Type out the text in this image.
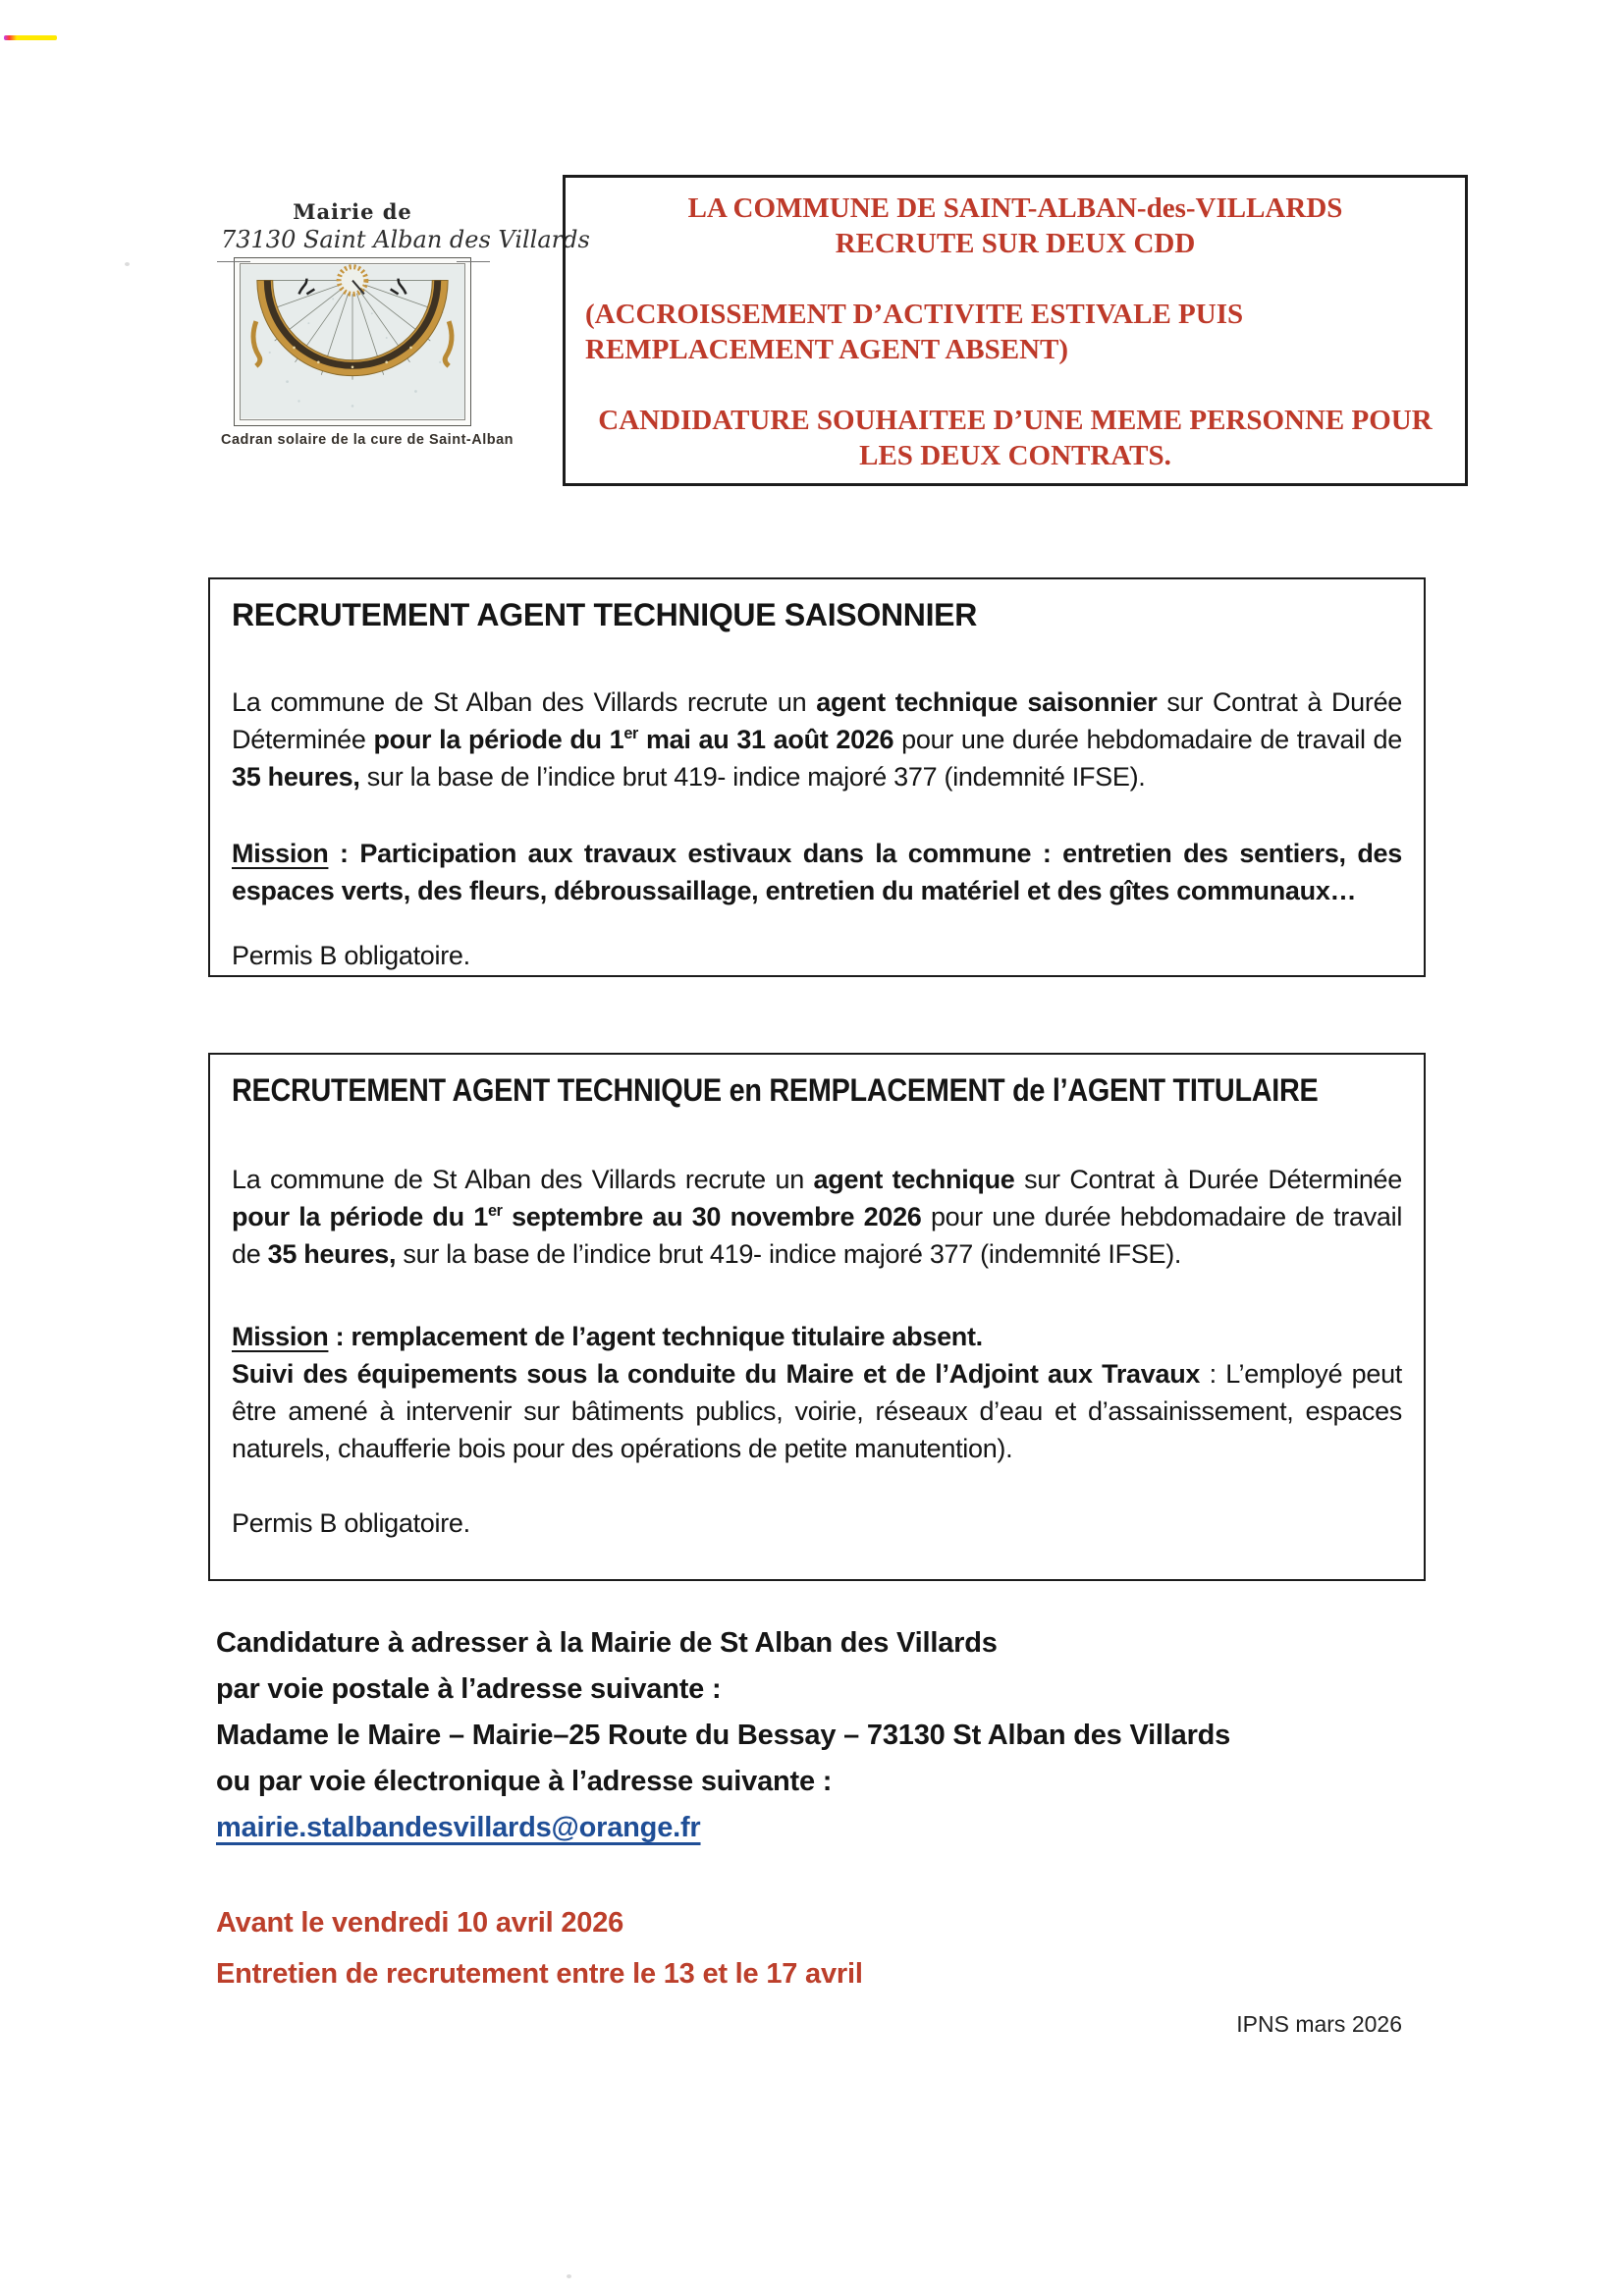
Mairie de
73130 Saint Alban des Villards
Cadran solaire de la cure de Saint-Alban
LA COMMUNE DE SAINT-ALBAN-des-VILLARDS
RECRUTE SUR DEUX CDD
(ACCROISSEMENT D’ACTIVITE ESTIVALE PUIS REMPLACEMENT AGENT ABSENT)
CANDIDATURE SOUHAITEE D’UNE MEME PERSONNE POUR LES DEUX CONTRATS.
RECRUTEMENT AGENT TECHNIQUE SAISONNIER

La commune de St Alban des Villards recrute un agent technique saisonnier sur Contrat à Durée Déterminée pour la période du 1er mai au 31 août 2026 pour une durée hebdomadaire de travail de 35 heures, sur la base de l’indice brut 419- indice majoré 377 (indemnité IFSE).

Mission : Participation aux travaux estivaux dans la commune : entretien des sentiers, des espaces verts, des fleurs, débroussaillage, entretien du matériel et des gîtes communaux…

Permis B obligatoire.

RECRUTEMENT AGENT TECHNIQUE en REMPLACEMENT de l’AGENT TITULAIRE

La commune de St Alban des Villards recrute un agent technique sur Contrat à Durée Déterminée pour la période du 1er septembre au 30 novembre 2026 pour une durée hebdomadaire de travail de 35 heures, sur la base de l’indice brut 419- indice majoré 377 (indemnité IFSE).

Mission : remplacement de l’agent technique titulaire absent.

Suivi des équipements sous la conduite du Maire et de l’Adjoint aux Travaux : L’employé peut être amené à intervenir sur bâtiments publics, voirie, réseaux d’eau et d’assainissement, espaces naturels, chaufferie bois pour des opérations de petite manutention).

Permis B obligatoire.

Candidature à adresser à la Mairie de St Alban des Villards
par voie postale à l’adresse suivante :
Madame le Maire – Mairie–25 Route du Bessay – 73130 St Alban des Villards
ou par voie électronique à l’adresse suivante :
mairie.stalbandesvillards@orange.fr
Avant le vendredi 10 avril 2026
Entretien de recrutement entre le 13 et le 17 avril
IPNS mars 2026
